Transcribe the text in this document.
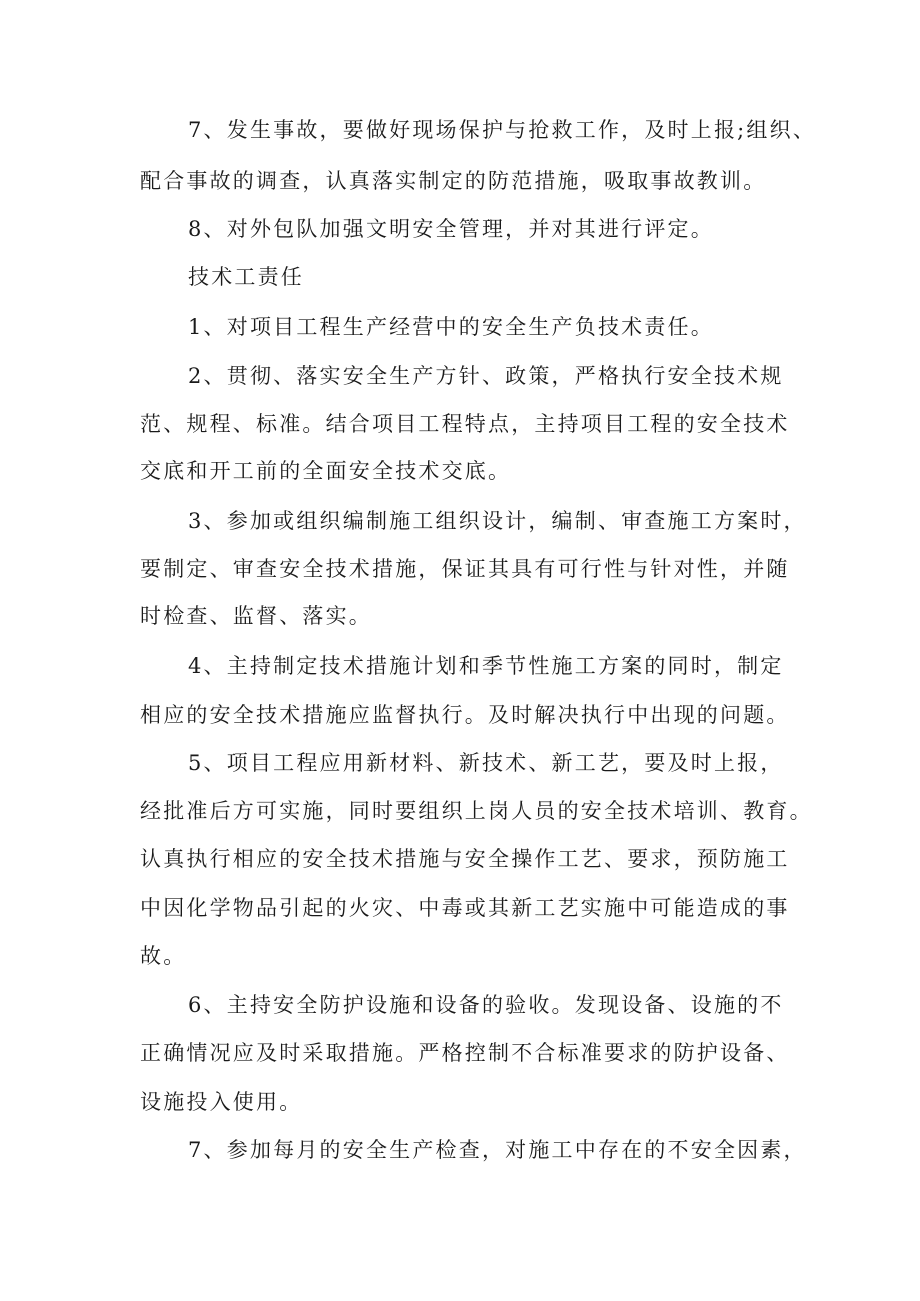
7、发生事故，要做好现场保护与抢救工作，及时上报;组织、
配合事故的调查，认真落实制定的防范措施，吸取事故教训。
8、对外包队加强文明安全管理，并对其进行评定。
技术工责任
1、对项目工程生产经营中的安全生产负技术责任。
2、贯彻、落实安全生产方针、政策，严格执行安全技术规
范、规程、标准。结合项目工程特点，主持项目工程的安全技术
交底和开工前的全面安全技术交底。
3、参加或组织编制施工组织设计，编制、审查施工方案时，
要制定、审查安全技术措施，保证其具有可行性与针对性，并随
时检查、监督、落实。
4、主持制定技术措施计划和季节性施工方案的同时，制定
相应的安全技术措施应监督执行。及时解决执行中出现的问题。
5、项目工程应用新材料、新技术、新工艺，要及时上报，
经批准后方可实施，同时要组织上岗人员的安全技术培训、教育。
认真执行相应的安全技术措施与安全操作工艺、要求，预防施工
中因化学物品引起的火灾、中毒或其新工艺实施中可能造成的事
故。
6、主持安全防护设施和设备的验收。发现设备、设施的不
正确情况应及时采取措施。严格控制不合标准要求的防护设备、
设施投入使用。
7、参加每月的安全生产检查，对施工中存在的不安全因素，
